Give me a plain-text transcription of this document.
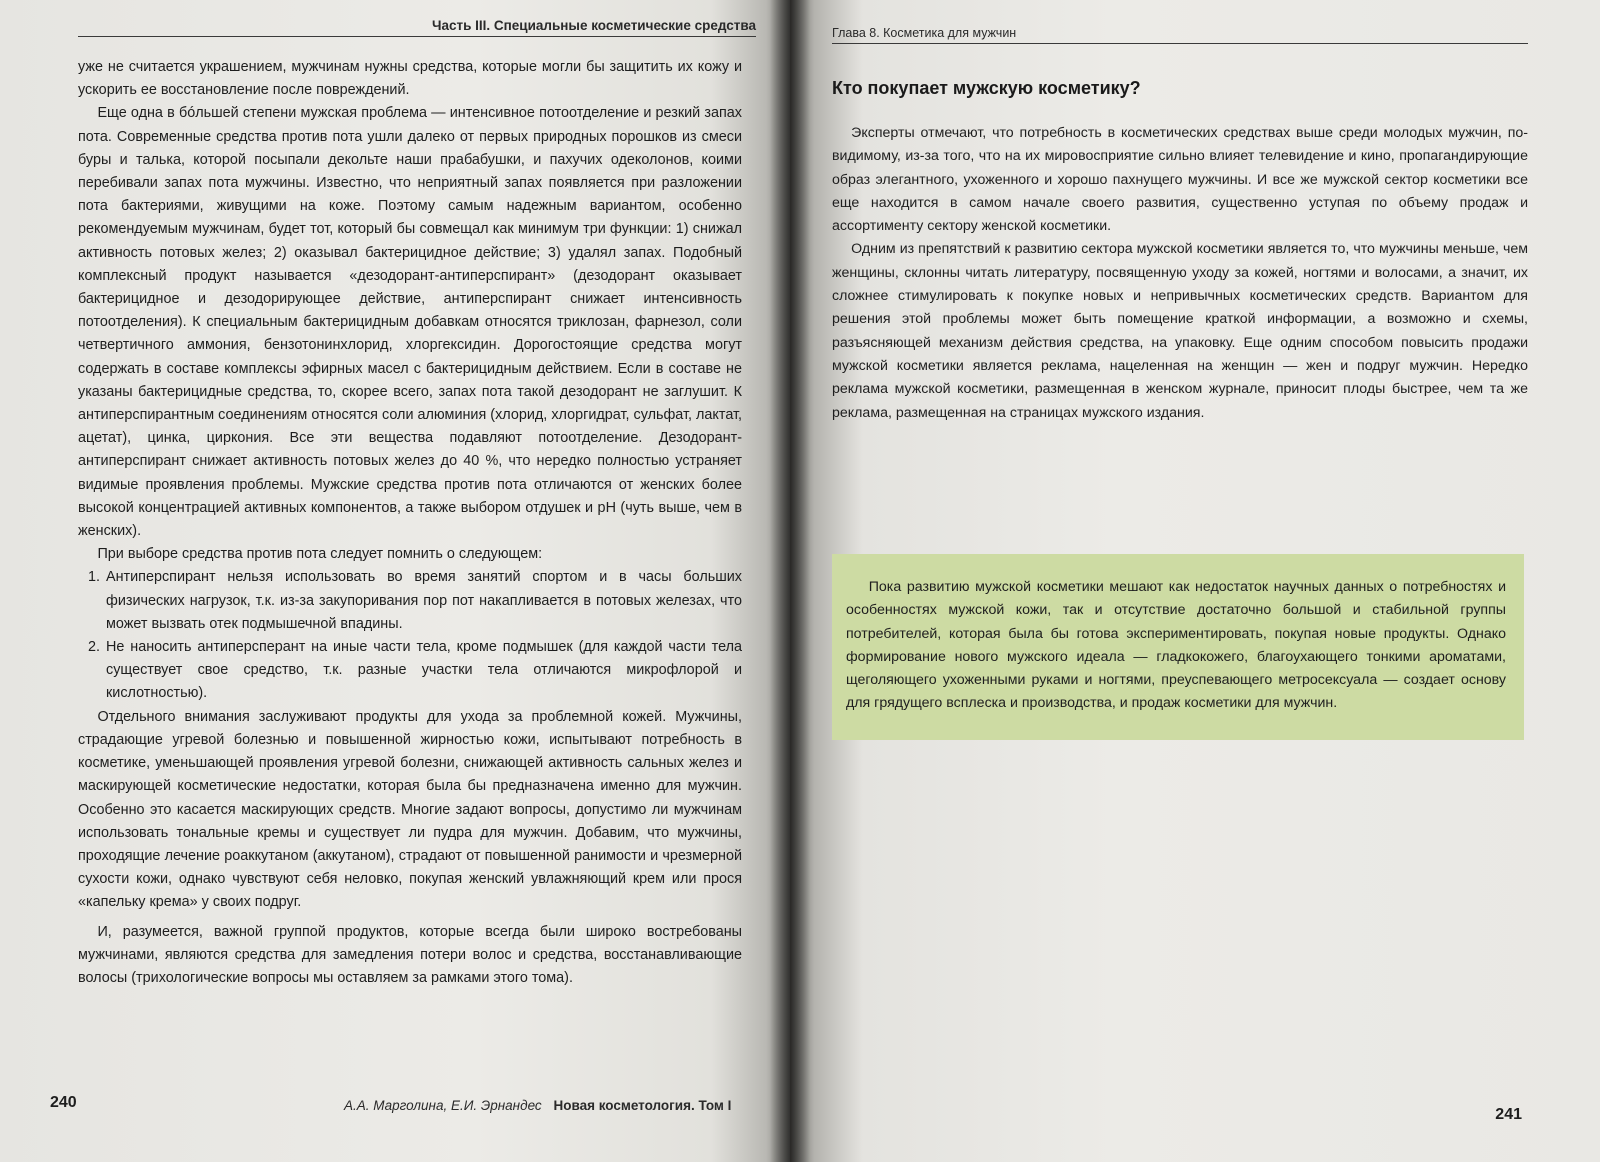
Часть III. Специальные косметические средства

уже не считается украшением, мужчинам нужны средства, которые могли бы защитить их кожу и ускорить ее восстановление после повреждений.

Еще одна в бóльшей степени мужская проблема — интенсивное потоотделение и резкий запах пота. Современные средства против пота ушли далеко от первых природных порошков из смеси буры и талька, которой посыпали декольте наши прабабушки, и пахучих одеколонов, коими перебивали запах пота мужчины. Известно, что неприятный запах появляется при разложении пота бактериями, живущими на коже. Поэтому самым надежным вариантом, особенно рекомендуемым мужчинам, будет тот, который бы совмещал как минимум три функции: 1) снижал активность потовых желез; 2) оказывал бактерицидное действие; 3) удалял запах. Подобный комплексный продукт называется «дезодорант-антиперспирант» (дезодорант оказывает бактерицидное и дезодорирующее действие, антиперспирант снижает интенсивность потоотделения). К специальным бактерицидным добавкам относятся триклозан, фарнезол, соли четвертичного аммония, бензотонинхлорид, хлоргексидин. Дорогостоящие средства могут содержать в составе комплексы эфирных масел с бактерицидным действием. Если в составе не указаны бактерицидные средства, то, скорее всего, запах пота такой дезодорант не заглушит. К антиперспирантным соединениям относятся соли алюминия (хлорид, хлоргидрат, сульфат, лактат, ацетат), цинка, циркония. Все эти вещества подавляют потоотделение. Дезодорант-антиперспирант снижает активность потовых желез до 40 %, что нередко полностью устраняет видимые проявления проблемы. Мужские средства против пота отличаются от женских более высокой концентрацией активных компонентов, а также выбором отдушек и pH (чуть выше, чем в женских).

При выборе средства против пота следует помнить о следующем:

1. Антиперспирант нельзя использовать во время занятий спортом и в часы больших физических нагрузок, т.к. из-за закупоривания пор пот накапливается в потовых железах, что может вызвать отек подмышечной впадины.
2. Не наносить антиперсперант на иные части тела, кроме подмышек (для каждой части тела существует свое средство, т.к. разные участки тела отличаются микрофлорой и кислотностью).

Отдельного внимания заслуживают продукты для ухода за проблемной кожей. Мужчины, страдающие угревой болезнью и повышенной жирностью кожи, испытывают потребность в косметике, уменьшающей проявления угревой болезни, снижающей активность сальных желез и маскирующей косметические недостатки, которая была бы предназначена именно для мужчин. Особенно это касается маскирующих средств. Многие задают вопросы, допустимо ли мужчинам использовать тональные кремы и существует ли пудра для мужчин. Добавим, что мужчины, проходящие лечение роаккутаном (аккутаном), страдают от повышенной ранимости и чрезмерной сухости кожи, однако чувствуют себя неловко, покупая женский увлажняющий крем или прося «капельку крема» у своих подруг.

И, разумеется, важной группой продуктов, которые всегда были широко востребованы мужчинами, являются средства для замедления потери волос и средства, восстанавливающие волосы (трихологические вопросы мы оставляем за рамками этого тома).

240	А.А. Марголина, Е.И. Эрнандес Новая косметология. Том I
Глава 8. Косметика для мужчин
Кто покупает мужскую косметику?

Эксперты отмечают, что потребность в косметических средствах выше среди молодых мужчин, по-видимому, из-за того, что на их мировосприятие сильно влияет телевидение и кино, пропагандирующие образ элегантного, ухоженного и хорошо пахнущего мужчины. И все же мужской сектор косметики все еще находится в самом начале своего развития, существенно уступая по объему продаж и ассортименту сектору женской косметики.

Одним из препятствий к развитию сектора мужской косметики является то, что мужчины меньше, чем женщины, склонны читать литературу, посвященную уходу за кожей, ногтями и волосами, а значит, их сложнее стимулировать к покупке новых и непривычных косметических средств. Вариантом для решения этой проблемы может быть помещение краткой информации, а возможно и схемы, разъясняющей механизм действия средства, на упаковку. Еще одним способом повысить продажи мужской косметики является реклама, нацеленная на женщин — жен и подруг мужчин. Нередко реклама мужской косметики, размещенная в женском журнале, приносит плоды быстрее, чем та же реклама, размещенная на страницах мужского издания.

Пока развитию мужской косметики мешают как недостаток научных данных о потребностях и особенностях мужской кожи, так и отсутствие достаточно большой и стабильной группы потребителей, которая была бы готова экспериментировать, покупая новые продукты. Однако формирование нового мужского идеала — гладкокожего, благоухающего тонкими ароматами, щеголяющего ухоженными руками и ногтями, преуспевающего метросексуала — создает основу для грядущего всплеска и производства, и продаж косметики для мужчин.

241
